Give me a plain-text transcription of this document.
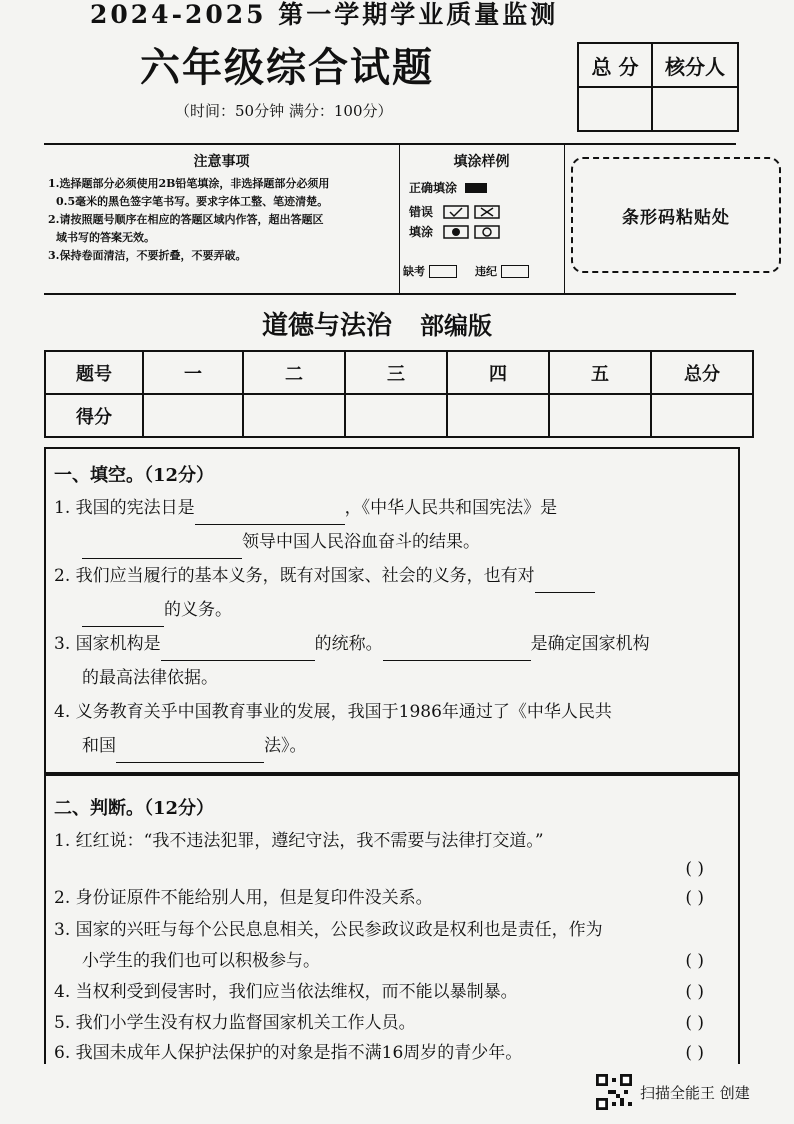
2024-2025 第一学期学业质量监测
六年级综合试题
（时间：50分钟 满分：100分）
总 分	核分人

注意事项
1.选择题部分必须使用2B铅笔填涂，非选择题部分必须用
0.5毫米的黑色签字笔书写。要求字体工整、笔迹清楚。
2.请按照题号顺序在相应的答题区域内作答，超出答题区
域书写的答案无效。
3.保持卷面清洁，不要折叠，不要弄破。
填涂样例
正确填涂
错误
填涂
缺考	违纪
条形码粘贴处
道德与法治 部编版
题号	一	二	三	四	五	总分
得分						
一、填空。（12分）
1. 我国的宪法日是	，《中华人民共和国宪法》是
领导中国人民浴血奋斗的结果。
2. 我们应当履行的基本义务，既有对国家、社会的义务，也有对
的义务。
3. 国家机构是	的统称。	是确定国家机构
的最高法律依据。
4. 义务教育关乎中国教育事业的发展，我国于1986年通过了《中华人民共
和国	法》。
二、判断。（12分）
1. 红红说：“我不违法犯罪，遵纪守法，我不需要与法律打交道。”
( )
2. 身份证原件不能给别人用，但是复印件没关系。	( )
3. 国家的兴旺与每个公民息息相关，公民参政议政是权利也是责任，作为
小学生的我们也可以积极参与。	( )
4. 当权利受到侵害时，我们应当依法维权，而不能以暴制暴。	( )
5. 我们小学生没有权力监督国家机关工作人员。	( )
6. 我国未成年人保护法保护的对象是指不满16周岁的青少年。	( )
扫描全能王 创建
